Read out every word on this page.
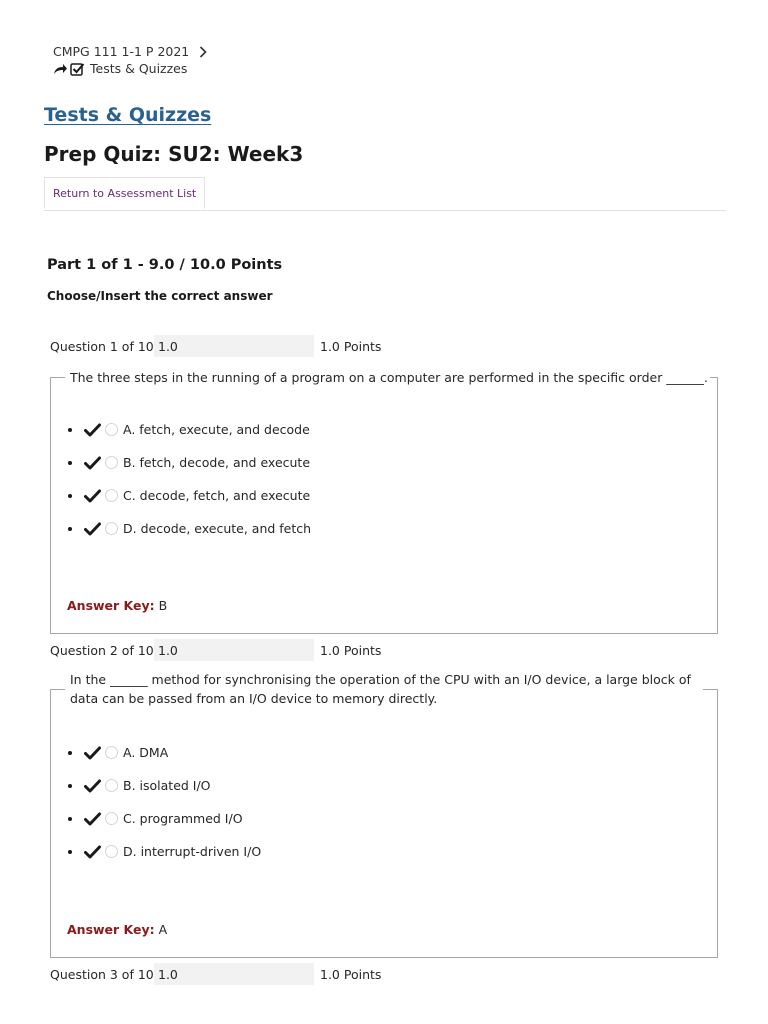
CMPG 111 1-1 P 2021
Tests & Quizzes
Tests & Quizzes
Prep Quiz: SU2: Week3
Return to Assessment List
Part 1 of 1 - 9.0 / 10.0 Points
Choose/Insert the correct answer
Question 1 of 10
1.0	1.0 Points
The three steps in the running of a program on a computer are performed in the specific order ______.
A. fetch, execute, and decode
B. fetch, decode, and execute
C. decode, fetch, and execute
D. decode, execute, and fetch
Answer Key: B
Question 2 of 10
1.0	1.0 Points
In the ______ method for synchronising the operation of the CPU with an I/O device, a large block of data can be passed from an I/O device to memory directly.
A. DMA
B. isolated I/O
C. programmed I/O
D. interrupt-driven I/O
Answer Key: A
Question 3 of 10
1.0	1.0 Points
